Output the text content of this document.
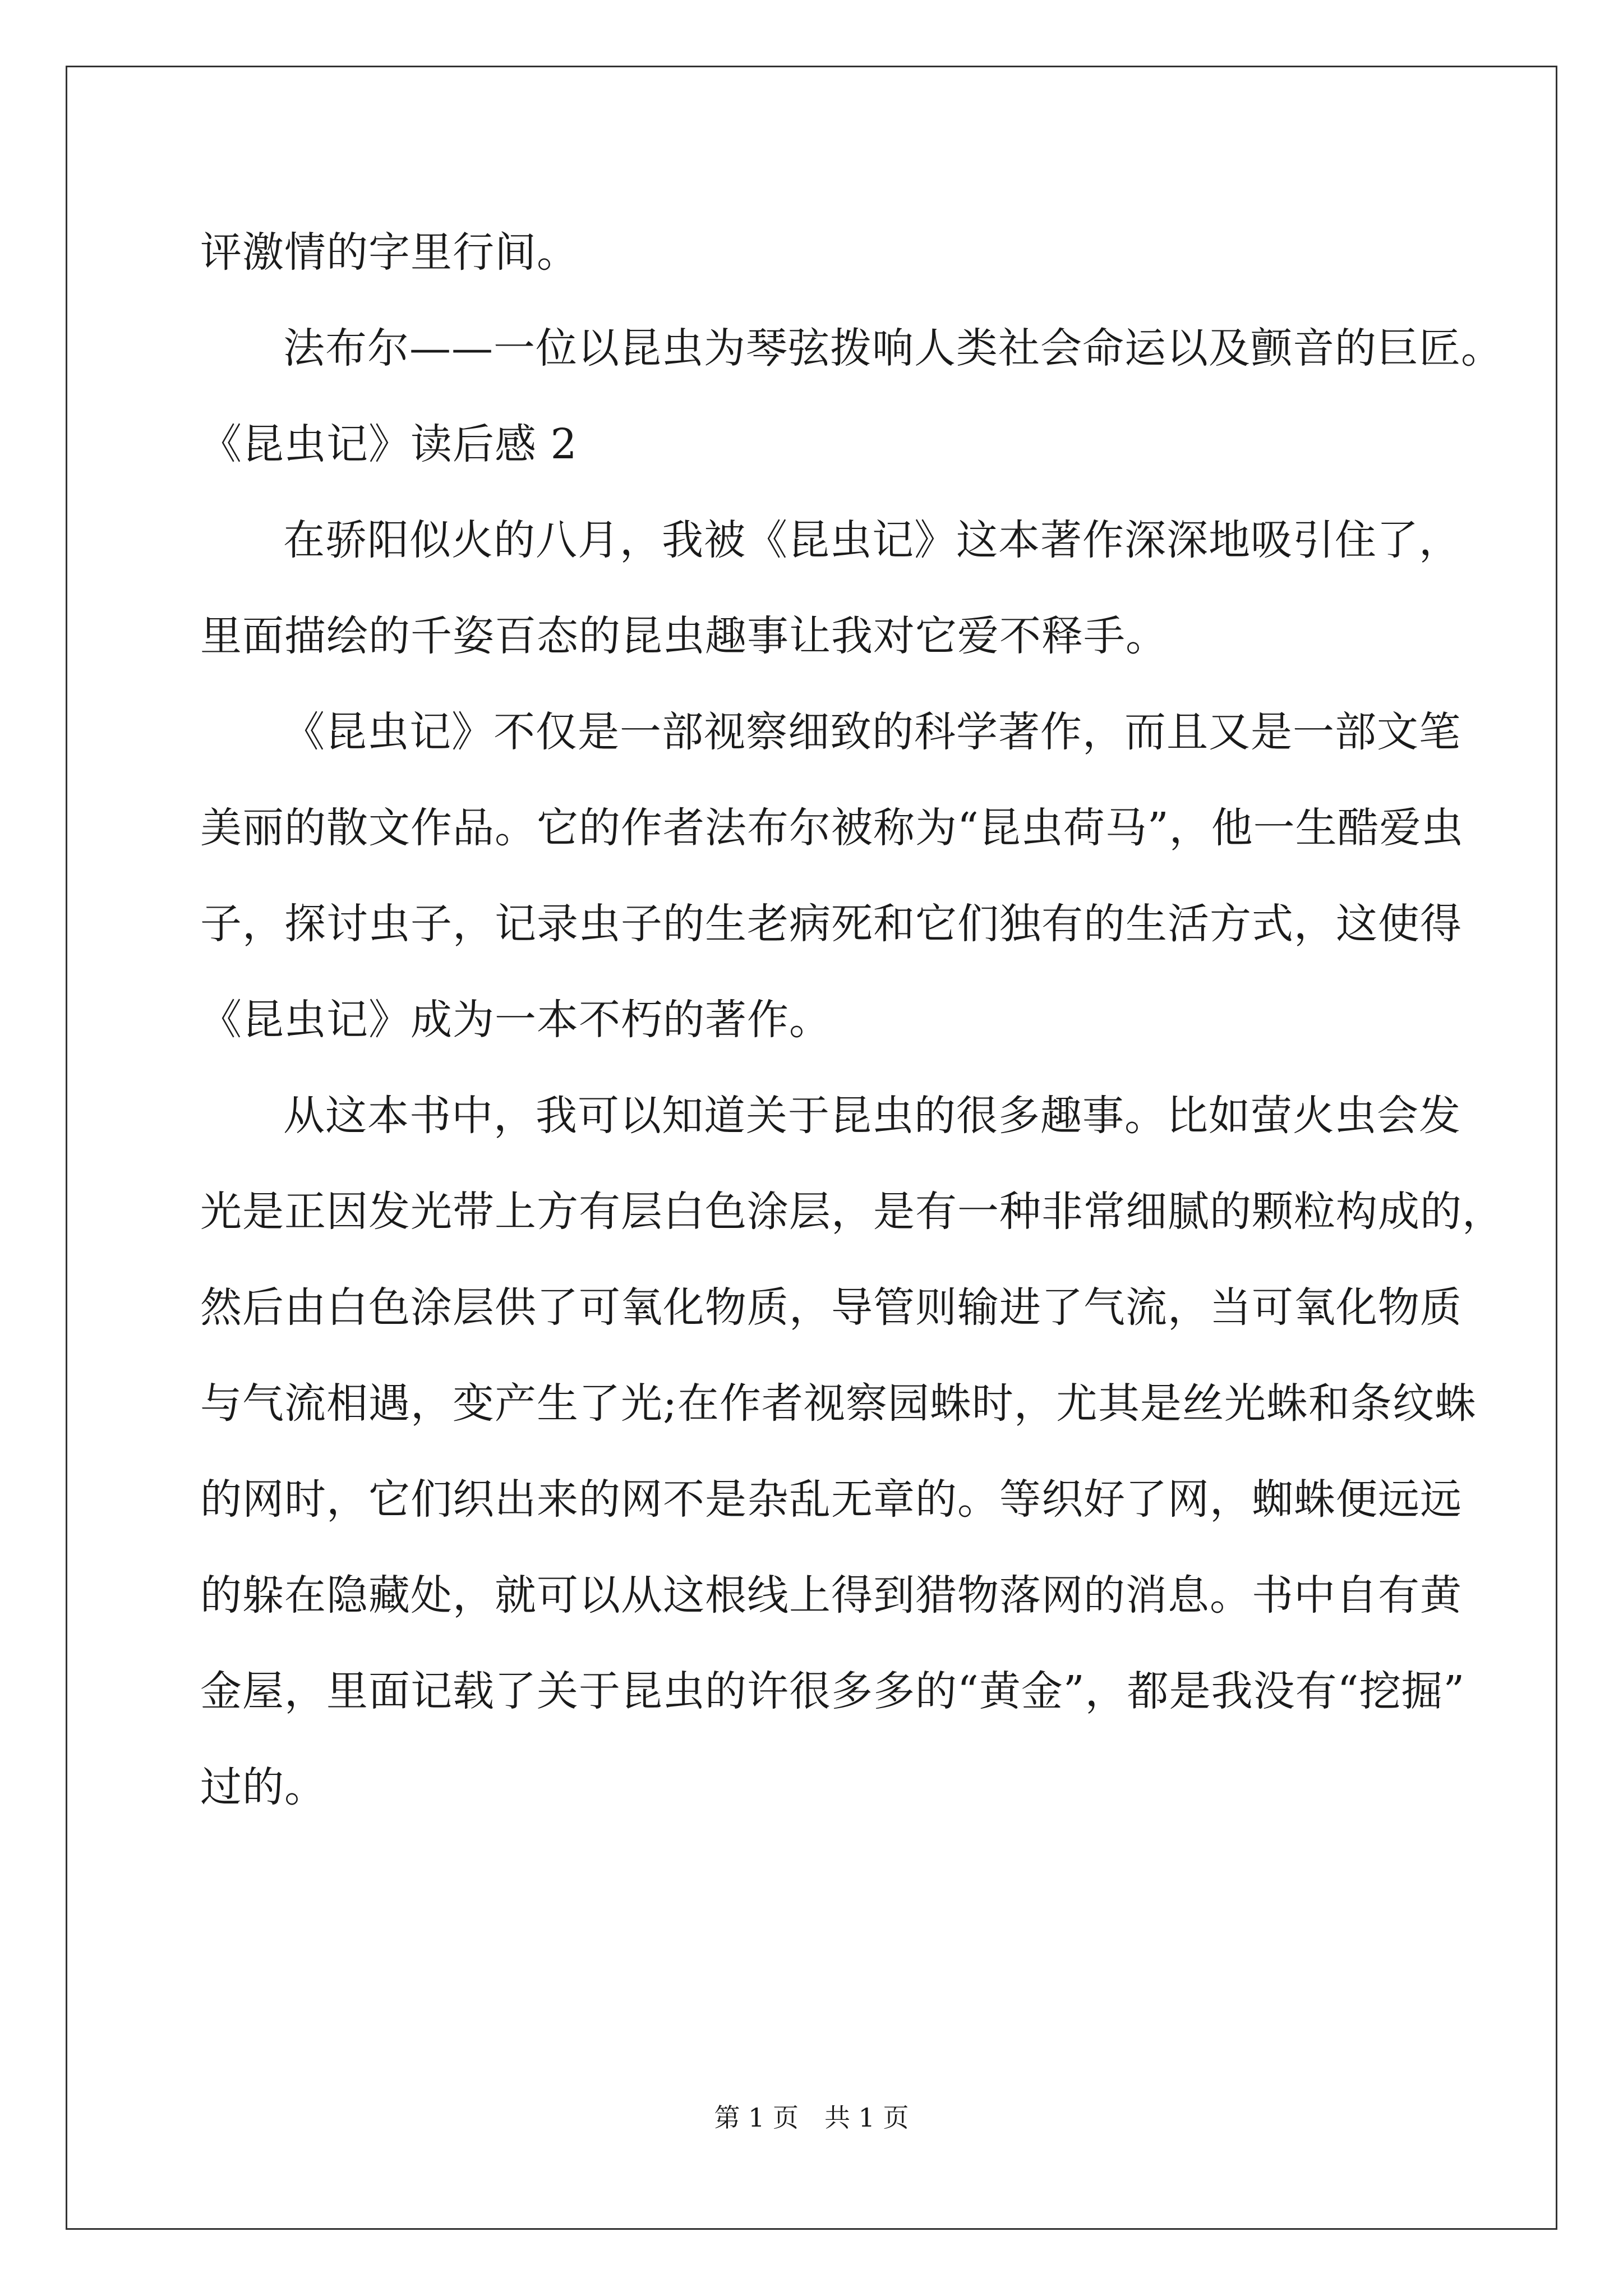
评激情的字里行间。
法布尔——一位以昆虫为琴弦拨响人类社会命运以及颤音的巨匠。
《昆虫记》读后感 2
在骄阳似火的八月，我被《昆虫记》这本著作深深地吸引住了，
里面描绘的千姿百态的昆虫趣事让我对它爱不释手。
《昆虫记》不仅是一部视察细致的科学著作，而且又是一部文笔
美丽的散文作品。它的作者法布尔被称为“昆虫荷马”，他一生酷爱虫
子，探讨虫子，记录虫子的生老病死和它们独有的生活方式，这使得
《昆虫记》成为一本不朽的著作。
从这本书中，我可以知道关于昆虫的很多趣事。比如萤火虫会发
光是正因发光带上方有层白色涂层，是有一种非常细腻的颗粒构成的，
然后由白色涂层供了可氧化物质，导管则输进了气流，当可氧化物质
与气流相遇，变产生了光;在作者视察园蛛时，尤其是丝光蛛和条纹蛛
的网时，它们织出来的网不是杂乱无章的。等织好了网，蜘蛛便远远
的躲在隐藏处，就可以从这根线上得到猎物落网的消息。书中自有黄
金屋，里面记载了关于昆虫的许很多多的“黄金”，都是我没有“挖掘”
过的。
第 1 页　共 1 页
